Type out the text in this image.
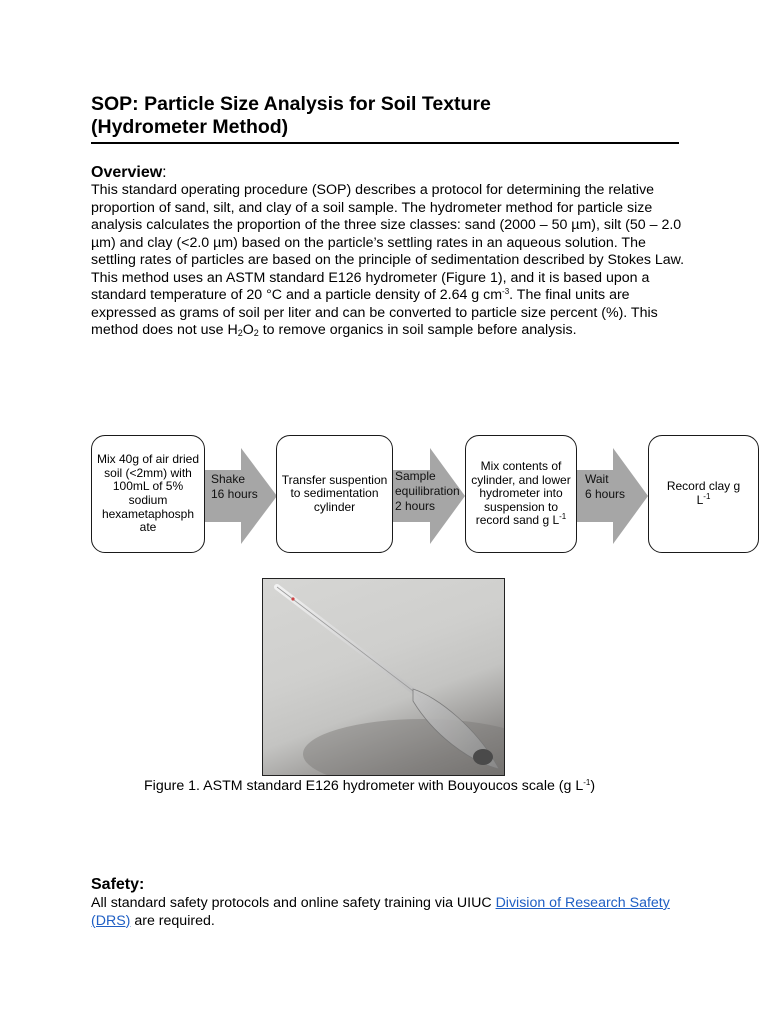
SOP: Particle Size Analysis for Soil Texture
(Hydrometer Method)
Overview:
This standard operating procedure (SOP) describes a protocol for determining the relative proportion of sand, silt, and clay of a soil sample. The hydrometer method for particle size analysis calculates the proportion of the three size classes: sand (2000 – 50 µm), silt (50 – 2.0 µm) and clay (<2.0 µm) based on the particle’s settling rates in an aqueous solution. The settling rates of particles are based on the principle of sedimentation described by Stokes Law. This method uses an ASTM standard E126 hydrometer (Figure 1), and it is based upon a standard temperature of 20 °C and a particle density of 2.64 g $cm^{-3}$. The final units are expressed as grams of soil per liter and can be converted to particle size percent (%). This method does not use $H_2O_2$ to remove organics in soil sample before analysis.
Mix 40g of air dried soil (<2mm) with 100mL of 5% sodium hexametaphosph ate
Shake
16 hours
Transfer suspention to sedimentation cylinder
Sample
equilibration
2 hours
Mix contents of cylinder, and lower hydrometer into suspension to record sand g $L^{-1}$
Wait
6 hours
Record clay g $L^{-1}$
Figure 1. ASTM standard E126 hydrometer with Bouyoucos scale (g $L^{-1}$)
Safety:
All standard safety protocols and online safety training via UIUC Division of Research Safety (DRS) are required.
